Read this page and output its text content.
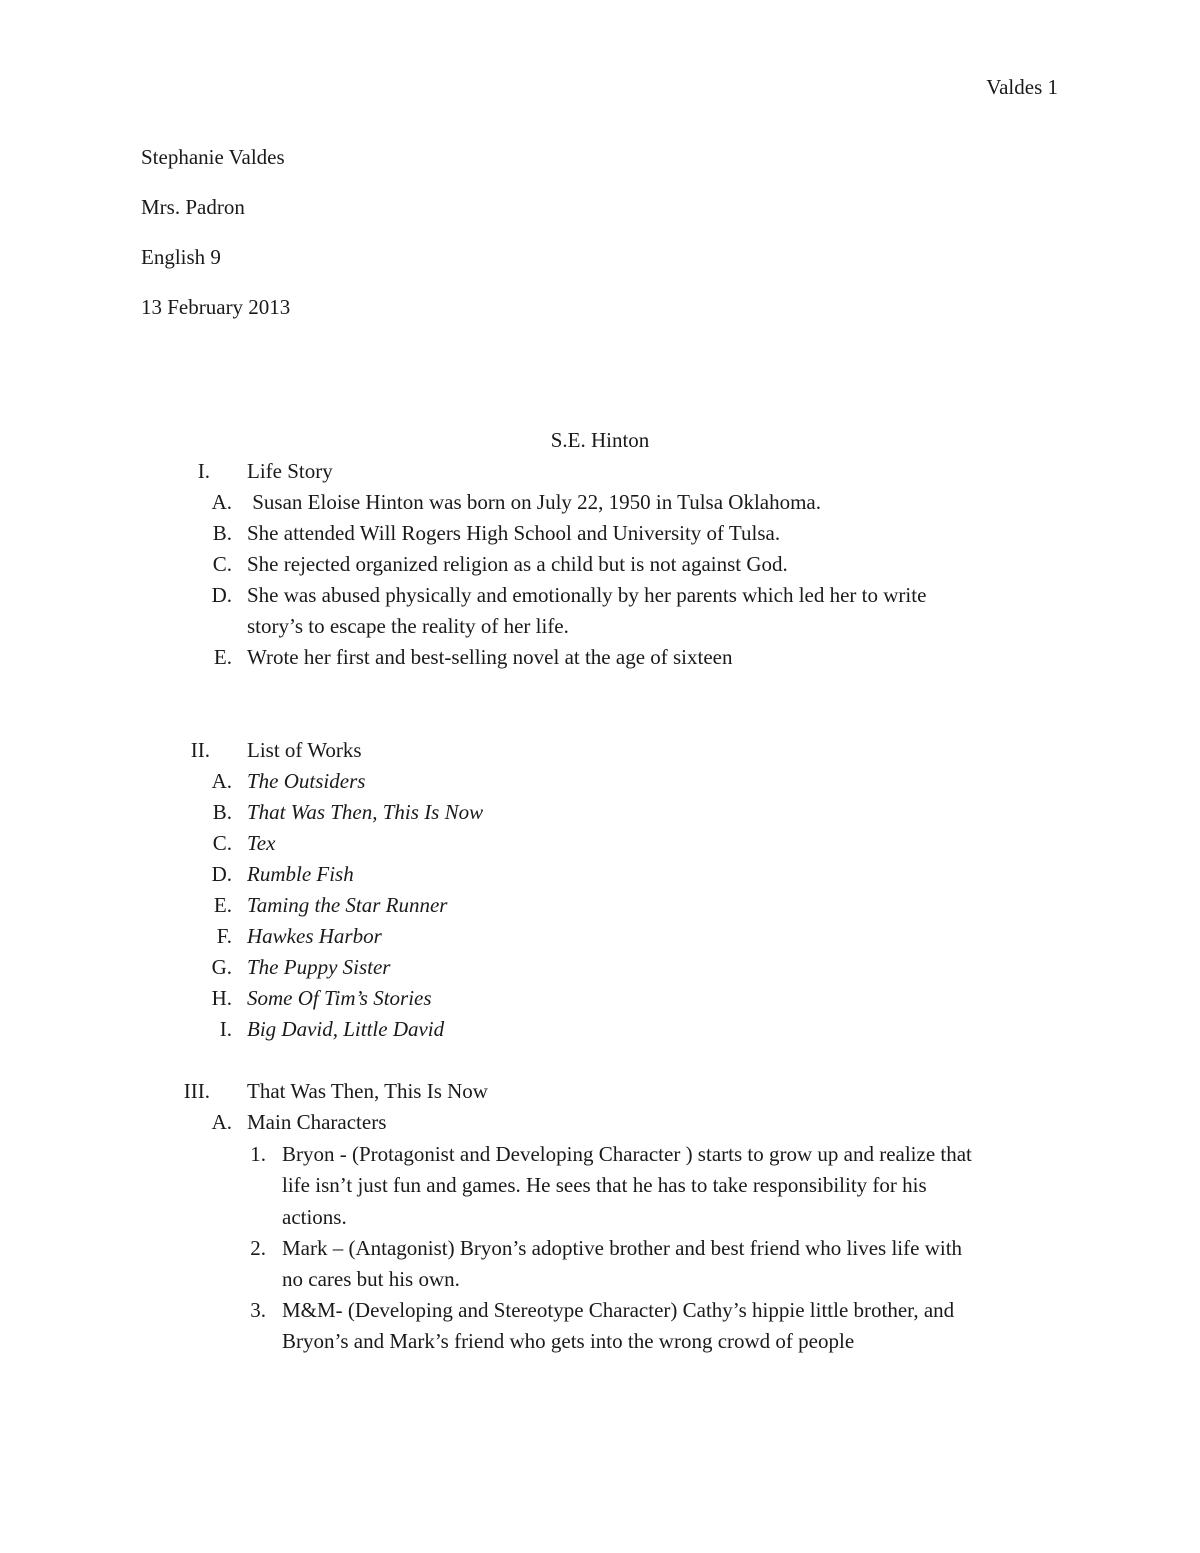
Valdes 1
Stephanie Valdes
Mrs. Padron
English 9
13 February 2013
S.E. Hinton
I. Life Story
A. Susan Eloise Hinton was born on July 22, 1950 in Tulsa Oklahoma.
B. She attended Will Rogers High School and University of Tulsa.
C. She rejected organized religion as a child but is not against God.
D. She was abused physically and emotionally by her parents which led her to write
story’s to escape the reality of her life.
E. Wrote her first and best-selling novel at the age of sixteen
II. List of Works
A. The Outsiders
B. That Was Then, This Is Now
C. Tex
D. Rumble Fish
E. Taming the Star Runner
F. Hawkes Harbor
G. The Puppy Sister
H. Some Of Tim’s Stories
I. Big David, Little David
III. That Was Then, This Is Now
A. Main Characters
1. Bryon - (Protagonist and Developing Character ) starts to grow up and realize that
life isn’t just fun and games. He sees that he has to take responsibility for his
actions.
2. Mark – (Antagonist) Bryon’s adoptive brother and best friend who lives life with
no cares but his own.
3. M&M- (Developing and Stereotype Character) Cathy’s hippie little brother, and
Bryon’s and Mark’s friend who gets into the wrong crowd of people
